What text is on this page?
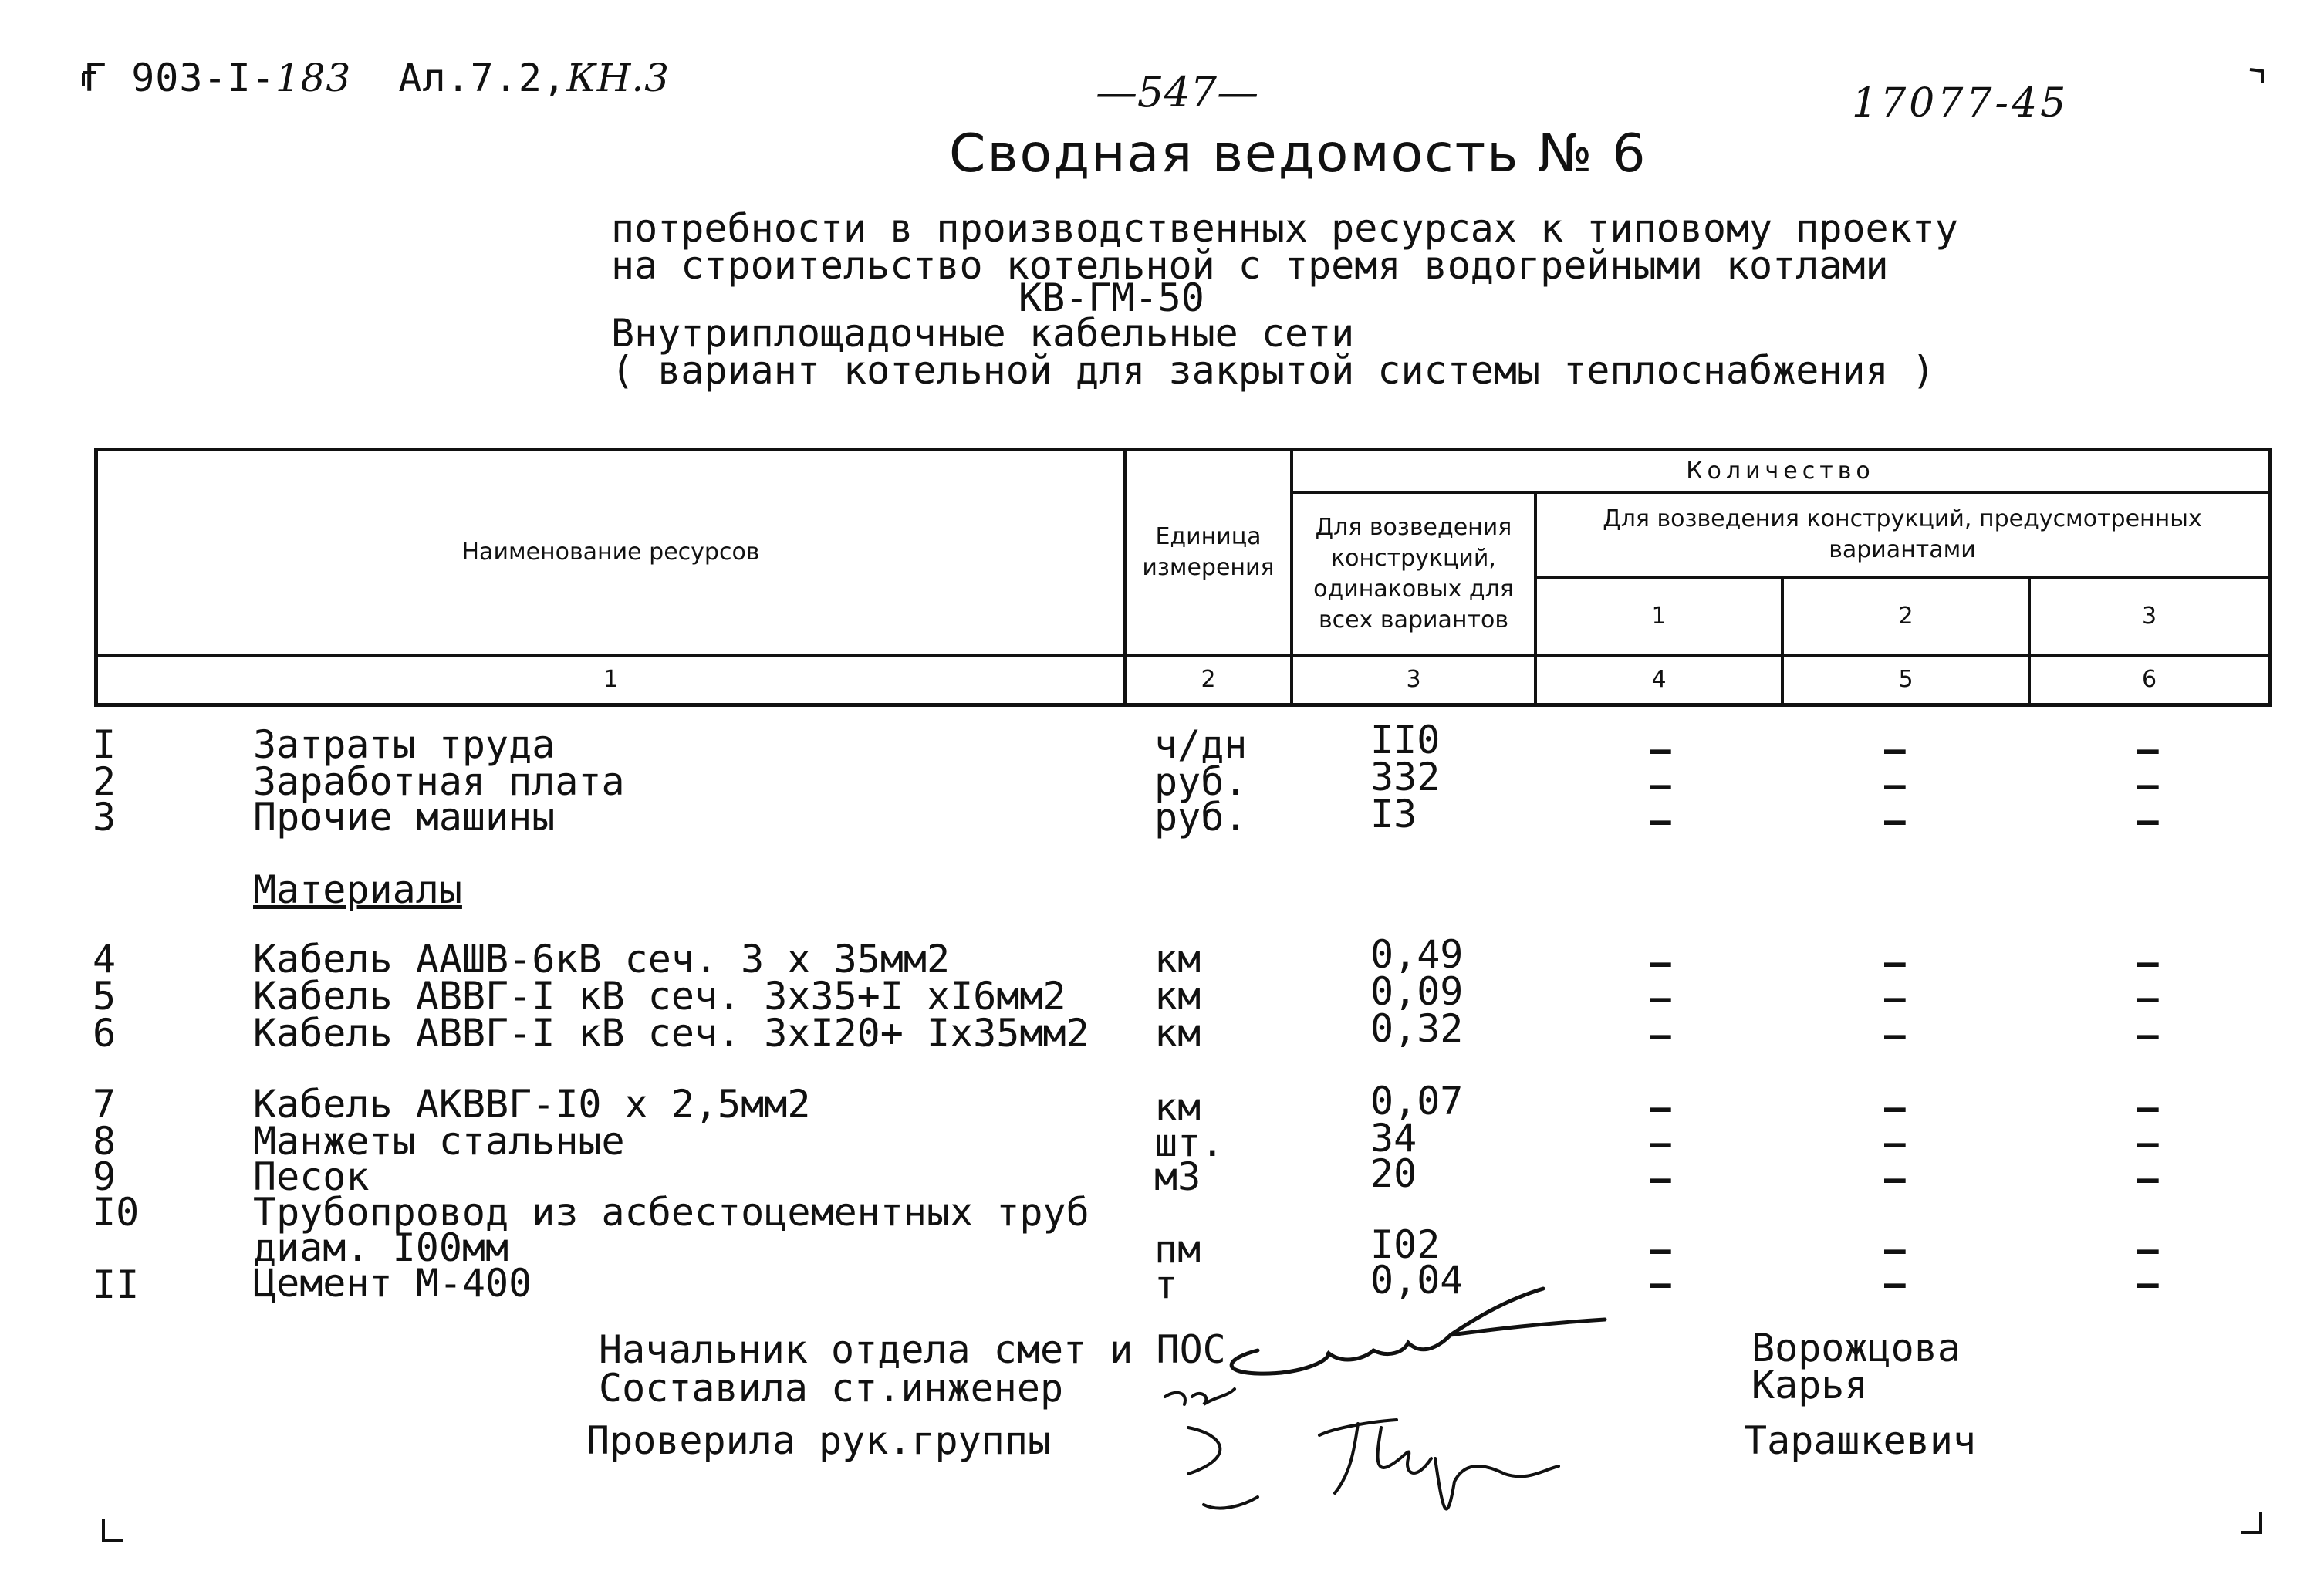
Г 903-I-183 Ал.7.2,КН.3	—547—	17077-45
Сводная ведомость № 6
потребности в производственных ресурсах к типовому проекту
на строительство котельной с тремя водогрейными котлами
КВ-ГМ-50
Внутриплощадочные кабельные сети
( вариант котельной для закрытой системы теплоснабжения )
Наименование ресурсов
Единица измерения
Количество
Для возведения конструкций, одинаковых для всех вариантов
Для возведения конструкций, предусмотренных вариантами
1	2	3
1	2	3	4	5	6
I	Затраты труда	ч/дн	II0	–	–	–
2	Заработная плата	руб.	332	–	–	–
3	Прочие машины	руб.	I3	–	–	–
Материалы
4	Кабель ААШВ-6кВ сеч. 3 x 35мм2	км	0,49	–	–	–
5	Кабель АВВГ-I кВ сеч. 3x35+I xI6мм2 км	0,09	–	–	–
6	Кабель АВВГ-I кВ сеч. 3xI20+ Ix35мм2 км	0,32	–	–	–
7	Кабель АКВВГ-I0 x 2,5мм2	км	0,07	–	–	–
8	Манжеты стальные	шт.	34	–	–	–
9	Песок	м3	20	–	–	–
I0	Трубопровод из асбестоцементных труб
диам. I00мм	пм	I02	–	–	–
II	Цемент М-400	т	0,04	–	–	–
Начальник отдела смет и ПОС
Составила ст.инженер
Проверила рук.группы
Ворожцова
Карья
Тарашкевич
